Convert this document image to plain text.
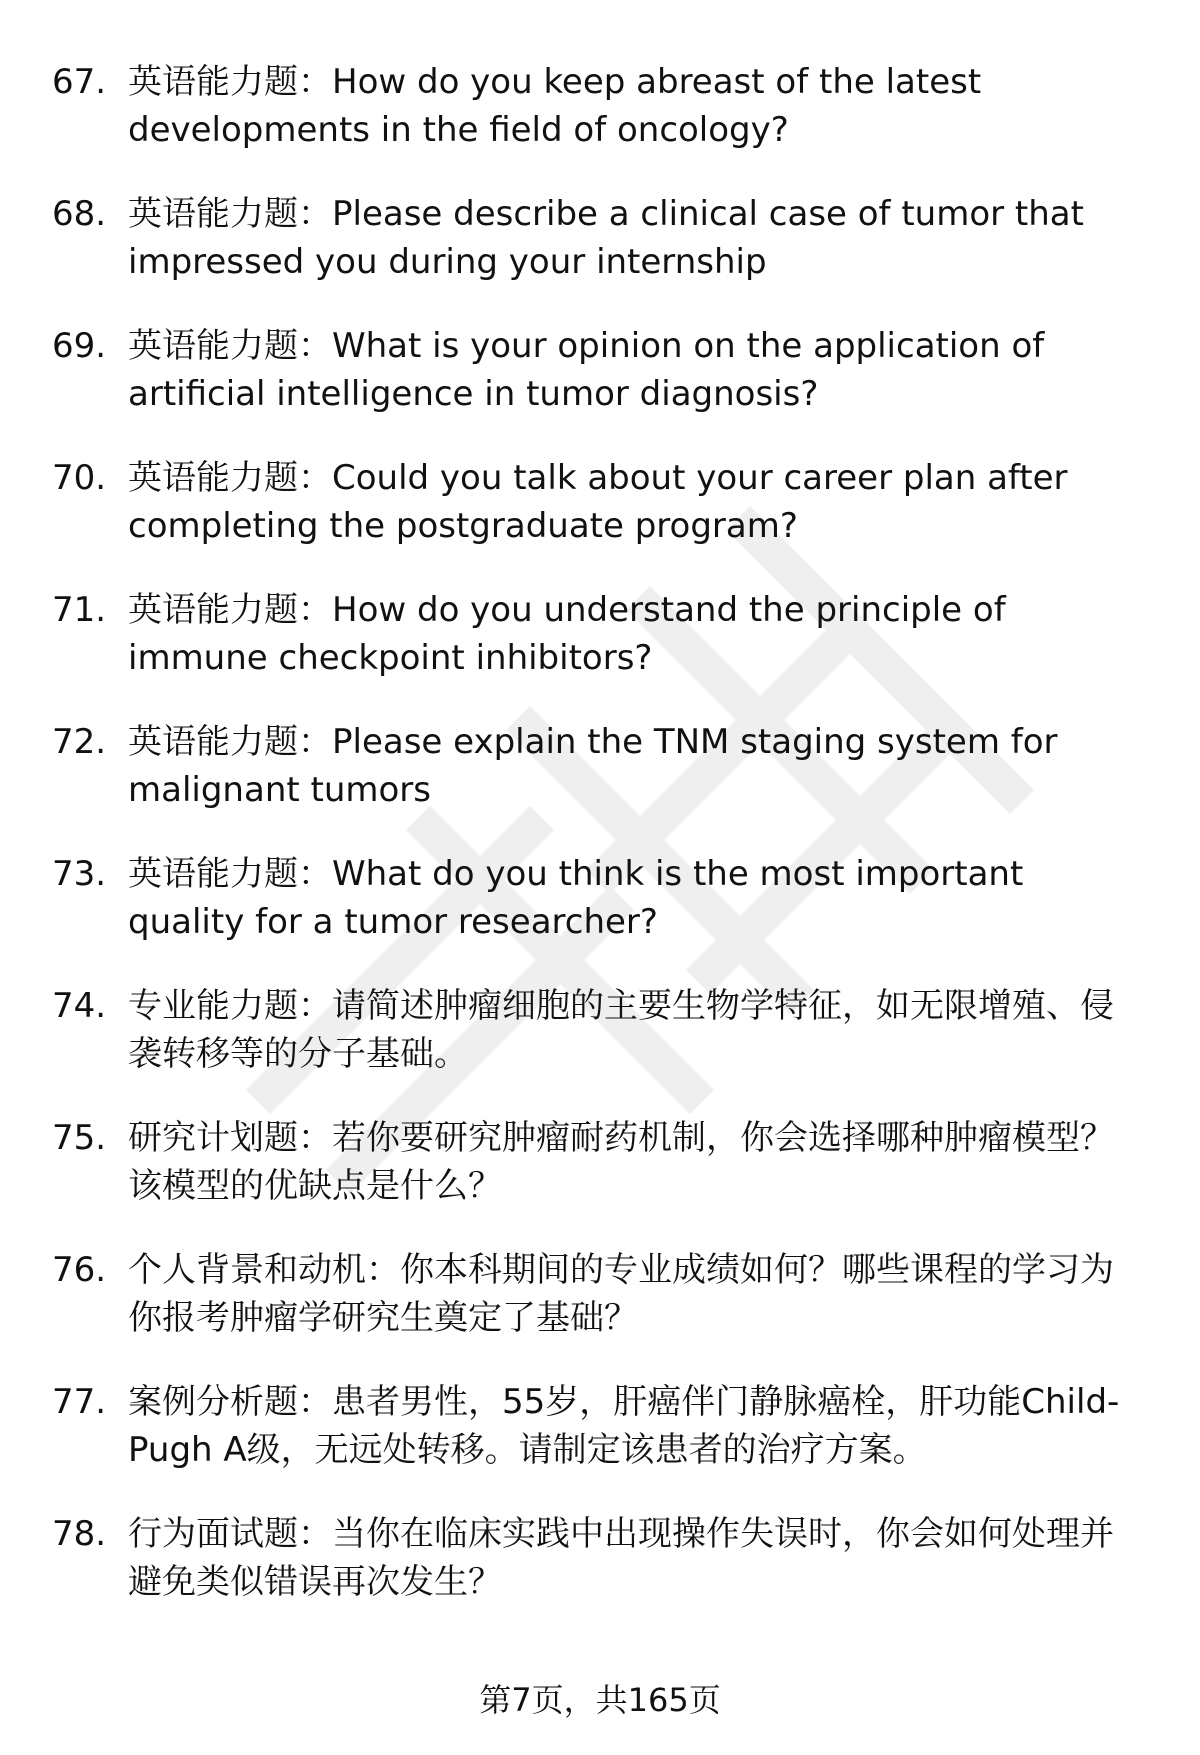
67. 英语能力题：How do you keep abreast of the latest developments in the field of oncology?
68. 英语能力题：Please describe a clinical case of tumor that impressed you during your internship
69. 英语能力题：What is your opinion on the application of artificial intelligence in tumor diagnosis?
70. 英语能力题：Could you talk about your career plan after completing the postgraduate program?
71. 英语能力题：How do you understand the principle of immune checkpoint inhibitors?
72. 英语能力题：Please explain the TNM staging system for malignant tumors
73. 英语能力题：What do you think is the most important quality for a tumor researcher?
74. 专业能力题：请简述肿瘤细胞的主要生物学特征，如无限增殖、侵袭转移等的分子基础。
75. 研究计划题：若你要研究肿瘤耐药机制，你会选择哪种肿瘤模型？该模型的优缺点是什么？
76. 个人背景和动机：你本科期间的专业成绩如何？哪些课程的学习为你报考肿瘤学研究生奠定了基础？
77. 案例分析题：患者男性，55岁，肝癌伴门静脉癌栓，肝功能Child-Pugh A级，无远处转移。请制定该患者的治疗方案。
78. 行为面试题：当你在临床实践中出现操作失误时，你会如何处理并避免类似错误再次发生？
第7页，共165页
